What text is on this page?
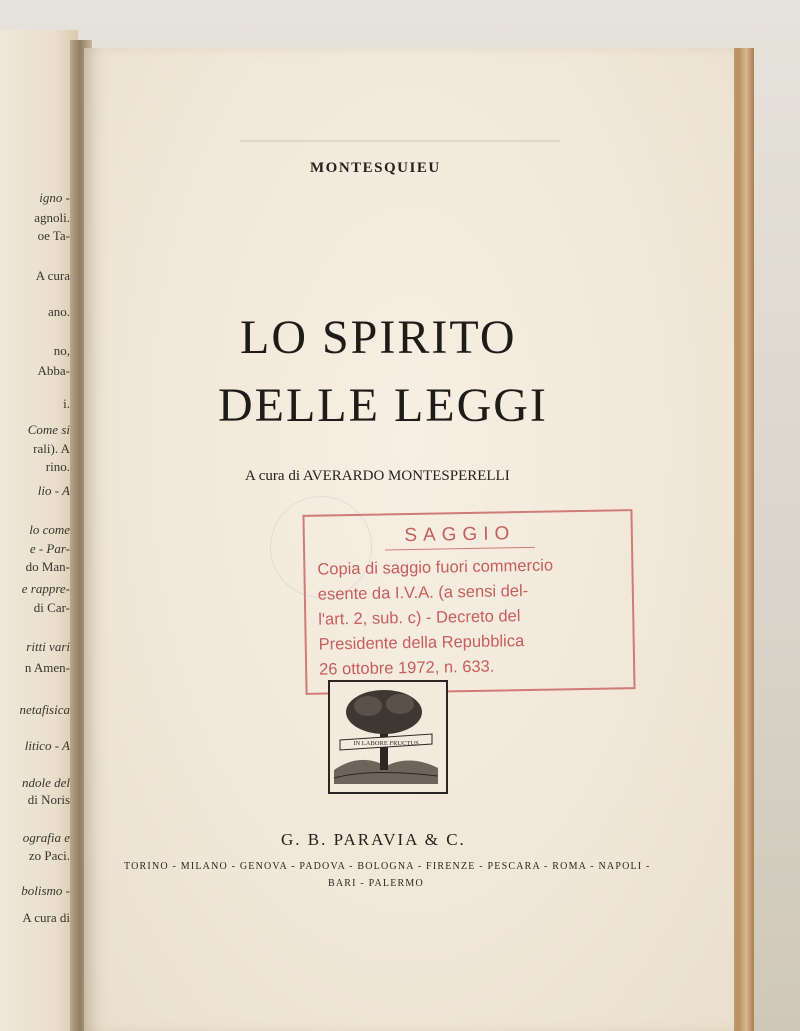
igno -
agnoli.
oe Ta-
A cura
ano.
no,
Abba-
i.
Come si
rali). A
rino.
lio - A
lo come
e - Par-
do Man-
e rappre-
di Car-
ritti vari
n Amen-
netafisica
litico - A
ndole del
di Noris
ografia e
zo Paci.
bolismo -
A cura di
MONTESQUIEU
LO SPIRITO
DELLE LEGGI
A cura di AVERARDO MONTESPERELLI
SAGGIO
Copia di saggio fuori commercio
esente da I.V.A. (a sensi del-
l'art. 2, sub. c) - Decreto del
Presidente della Repubblica
26 ottobre 1972, n. 633.
IN LABORE FRUCTUS
G. B. PARAVIA & C.
TORINO - MILANO - GENOVA - PADOVA - BOLOGNA - FIRENZE - PESCARA - ROMA - NAPOLI -
BARI - PALERMO
